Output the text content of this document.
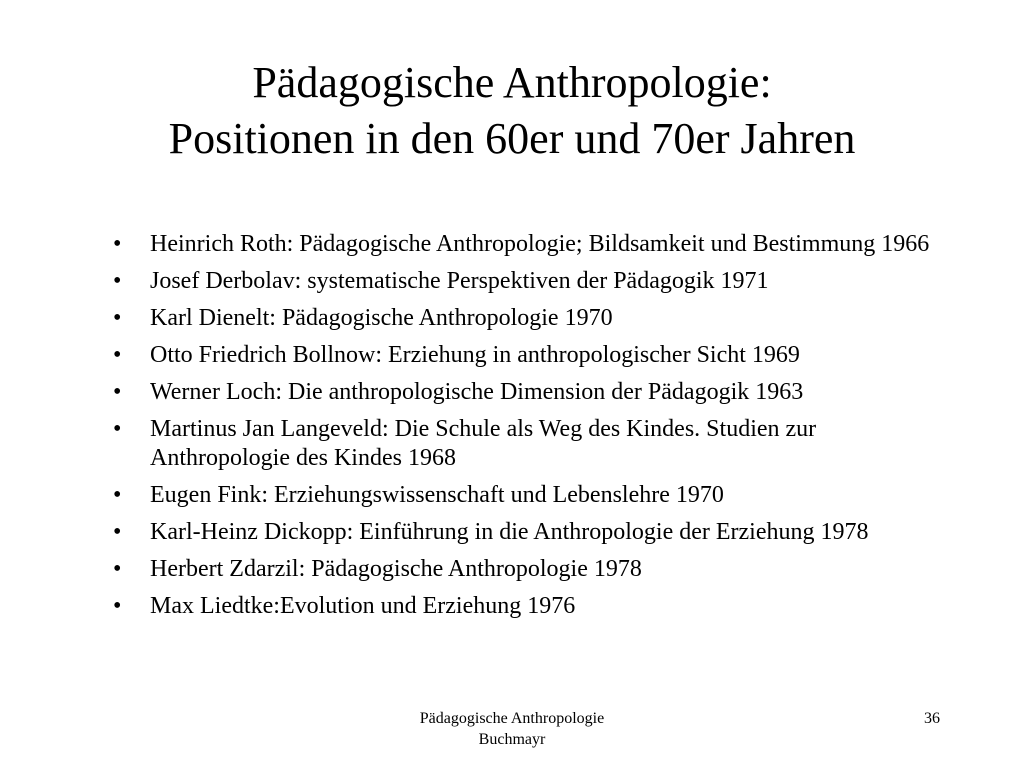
Pädagogische Anthropologie:
Positionen in den 60er und 70er Jahren
• Heinrich Roth: Pädagogische Anthropologie; Bildsamkeit und Bestimmung 1966
• Josef Derbolav: systematische Perspektiven der Pädagogik 1971
• Karl Dienelt: Pädagogische Anthropologie 1970
• Otto Friedrich Bollnow: Erziehung in anthropologischer Sicht 1969
• Werner Loch: Die anthropologische Dimension der Pädagogik 1963
• Martinus Jan Langeveld: Die Schule als Weg des Kindes. Studien zur Anthropologie des Kindes 1968
• Eugen Fink: Erziehungswissenschaft und Lebenslehre 1970
• Karl-Heinz Dickopp: Einführung in die Anthropologie der Erziehung 1978
• Herbert Zdarzil: Pädagogische Anthropologie 1978
• Max Liedtke:Evolution und Erziehung 1976
Pädagogische Anthropologie
Buchmayr
36
